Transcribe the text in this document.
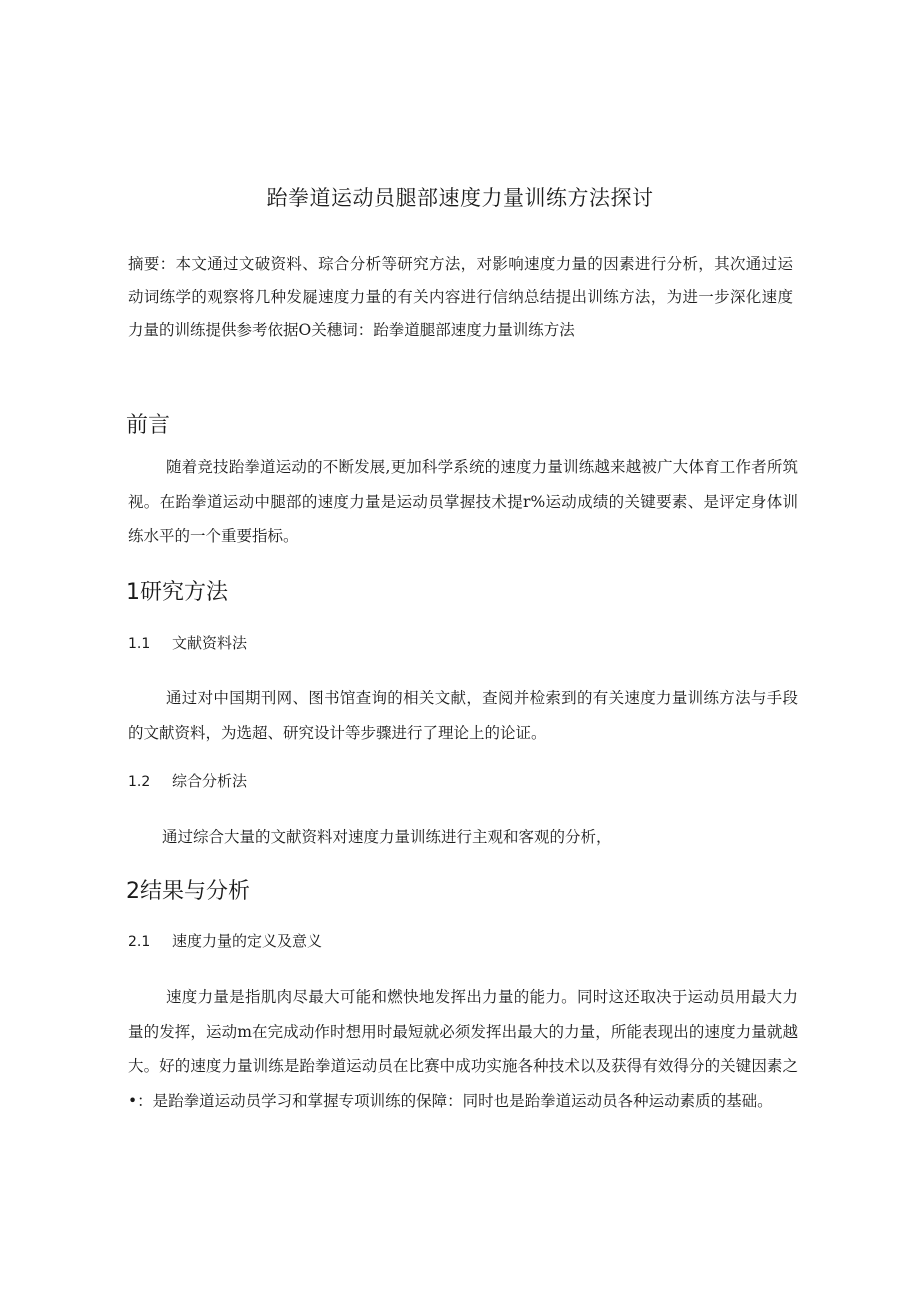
跆拳道运动员腿部速度力量训练方法探讨
摘要：本文通过文破资料、琮合分析等研究方法，对影响速度力量的因素进行分析，其次通过运动词练学的观察将几种发屣速度力量的有关内容进行信纳总结提出训练方法，为进一步深化速度力量的训练提供参考依据O关穗词：跆拳道腿部速度力量训练方法
前言

随着竞技跆拳道运动的不断发展,更加科学系统的速度力量训练越来越被广大体育工作者所筑视。在跆拳道运动中腿部的速度力量是运动员掌握技术提r%运动成绩的关键要素、是评定身体训练水平的一个重要指标。

1研究方法
1.1 文献资料法

通过对中国期刊网、图书馆查询的相关文献，查阅并检索到的有关速度力量训练方法与手段的文献资料，为选超、研究设计等步骤进行了理论上的论证。

1.2 综合分析法

通过综合大量的文献资料对速度力量训练进行主观和客观的分析，

2结果与分析
2.1 速度力量的定义及意义

速度力量是指肌肉尽最大可能和燃快地发挥出力量的能力。同时这还取决于运动员用最大力量的发挥，运动m在完成动作时想用时最短就必须发挥出最大的力量，所能表现出的速度力量就越大。好的速度力量训练是跆拳道运动员在比赛中成功实施各种技术以及获得有效得分的关键因素之•：是跆拳道运动员学习和掌握专项训练的保障：同时也是跆拳道运动员各种运动素质的基础。
